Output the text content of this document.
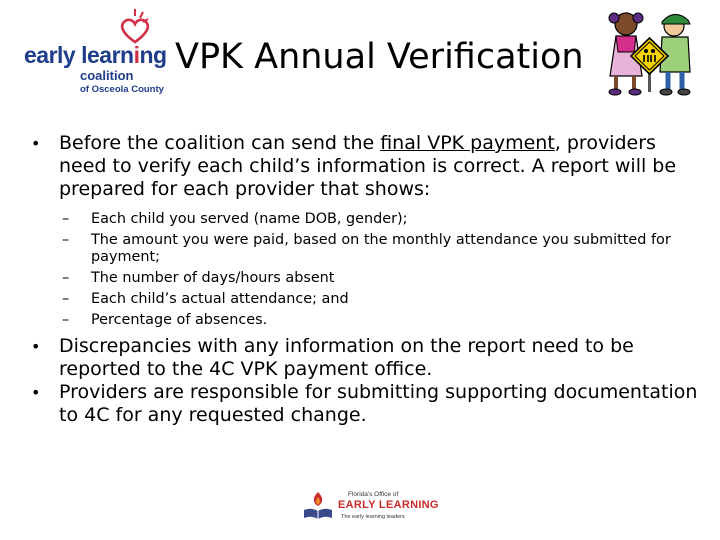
early learning
coalition
of Osceola County
VPK Annual Verification
• Before the coalition can send the final VPK payment, providers need to verify each child’s information is correct. A report will be prepared for each provider that shows:
– Each child you served (name DOB, gender);
– The amount you were paid, based on the monthly attendance you submitted for payment;
– The number of days/hours absent
– Each child’s actual attendance; and
– Percentage of absences.
• Discrepancies with any information on the report need to be reported to the 4C VPK payment office.
• Providers are responsible for submitting supporting documentation to 4C for any requested change.
Florida's Office of
EARLY LEARNING
The early learning leaders
